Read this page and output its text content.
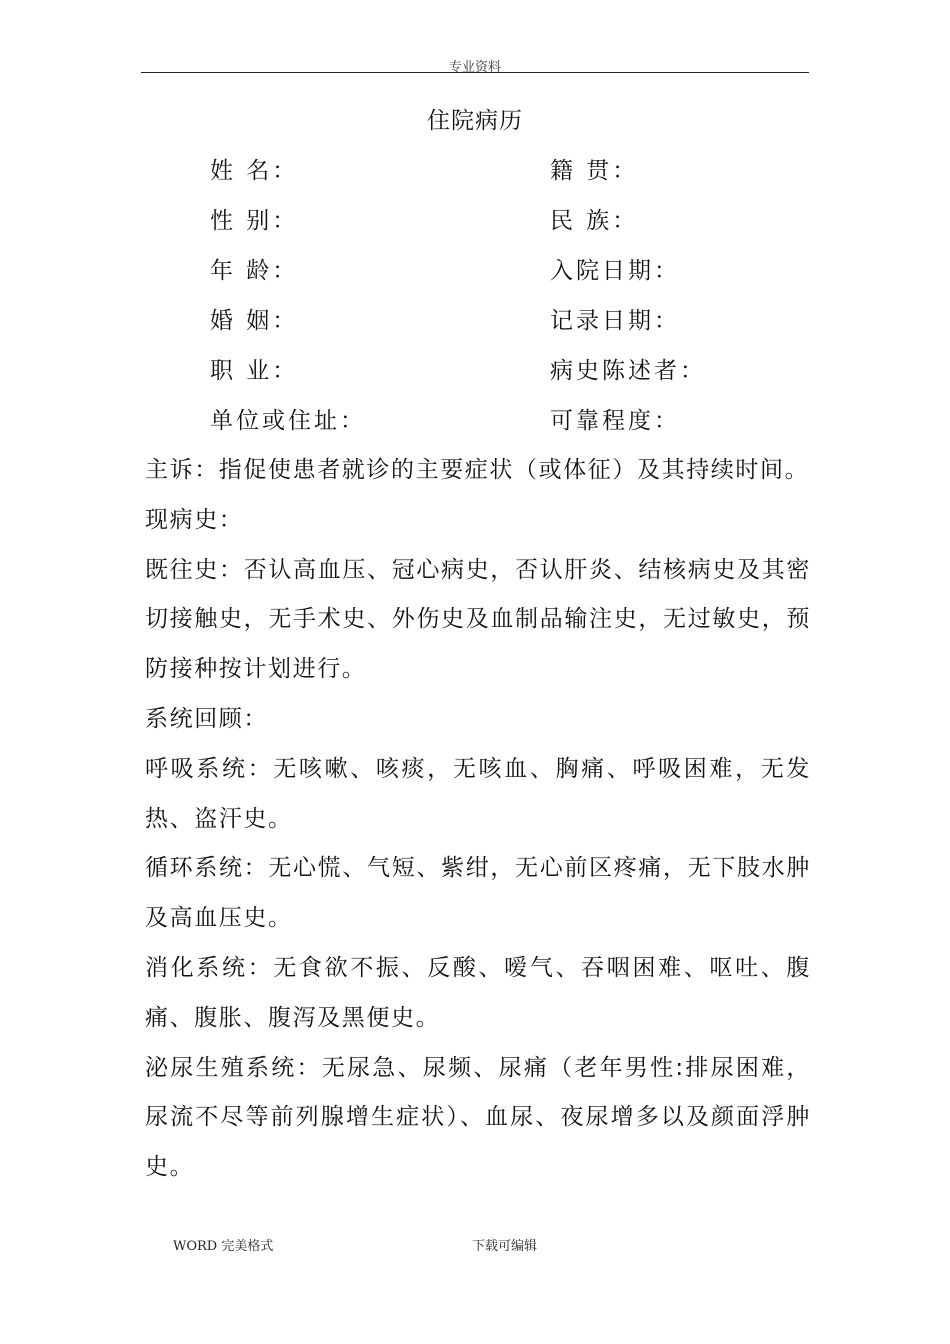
专业资料
住院病历
姓 名：	籍 贯：
性 别：	民 族：
年 龄：	入院日期：
婚 姻：	记录日期：
职 业：	病史陈述者：
单位或住址：	可靠程度：

主诉：指促使患者就诊的主要症状（或体征）及其持续时间。

现病史：

既往史：否认高血压、冠心病史，否认肝炎、结核病史及其密切接触史，无手术史、外伤史及血制品输注史，无过敏史，预防接种按计划进行。

系统回顾：

呼吸系统：无咳嗽、咳痰，无咳血、胸痛、呼吸困难，无发热、盗汗史。

循环系统：无心慌、气短、紫绀，无心前区疼痛，无下肢水肿及高血压史。

消化系统：无食欲不振、反酸、嗳气、吞咽困难、呕吐、腹痛、腹胀、腹泻及黑便史。

泌尿生殖系统：无尿急、尿频、尿痛（老年男性:排尿困难，尿流不尽等前列腺增生症状）、血尿、夜尿增多以及颜面浮肿史。

WORD 完美格式	下载可编辑
